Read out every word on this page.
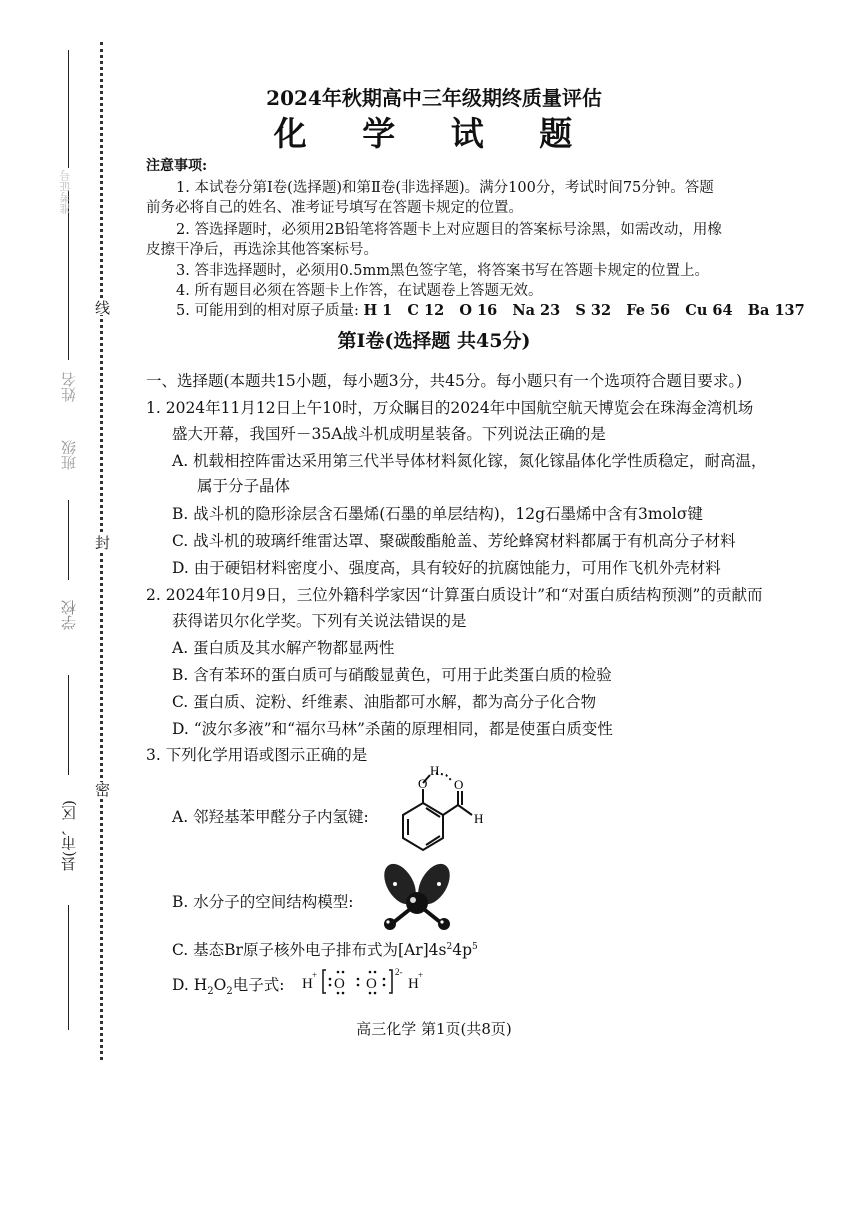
县(市、区)
学校
班级
姓名
准考证号
线
封
密
2024年秋期高中三年级期终质量评估
化 学 试 题
注意事项:
1. 本试卷分第Ⅰ卷(选择题)和第Ⅱ卷(非选择题)。满分100分，考试时间75分钟。答题
前务必将自己的姓名、准考证号填写在答题卡规定的位置。
2. 答选择题时，必须用2B铅笔将答题卡上对应题目的答案标号涂黑，如需改动，用橡
皮擦干净后，再选涂其他答案标号。
3. 答非选择题时，必须用0.5mm黑色签字笔，将答案书写在答题卡规定的位置上。
4. 所有题目必须在答题卡上作答，在试题卷上答题无效。
5. 可能用到的相对原子质量: H 1   C 12   O 16   Na 23   S 32   Fe 56   Cu 64   Ba 137
第Ⅰ卷(选择题 共45分)
一、选择题(本题共15小题，每小题3分，共45分。每小题只有一个选项符合题目要求。)
1. 2024年11月12日上午10时，万众瞩目的2024年中国航空航天博览会在珠海金湾机场
盛大开幕，我国歼－35A战斗机成明星装备。下列说法正确的是
A. 机载相控阵雷达采用第三代半导体材料氮化镓，氮化镓晶体化学性质稳定，耐高温，
属于分子晶体
B. 战斗机的隐形涂层含石墨烯(石墨的单层结构)，12g石墨烯中含有3molσ键
C. 战斗机的玻璃纤维雷达罩、聚碳酸酯舱盖、芳纶蜂窝材料都属于有机高分子材料
D. 由于硬铝材料密度小、强度高，具有较好的抗腐蚀能力，可用作飞机外壳材料
2. 2024年10月9日，三位外籍科学家因“计算蛋白质设计”和“对蛋白质结构预测”的贡献而
获得诺贝尔化学奖。下列有关说法错误的是
A. 蛋白质及其水解产物都显两性
B. 含有苯环的蛋白质可与硝酸显黄色，可用于此类蛋白质的检验
C. 蛋白质、淀粉、纤维素、油脂都可水解，都为高分子化合物
D. “波尔多液”和“福尔马林”杀菌的原理相同，都是使蛋白质变性
3. 下列化学用语或图示正确的是
A. 邻羟基苯甲醛分子内氢键:
O
H
O
H
B. 水分子的空间结构模型:
C. 基态Br原子核外电子排布式为$[Ar]4s^24p^5$
D. $H_2O_2$电子式: H
+
O O
2-
H
+
高三化学 第1页(共8页)
